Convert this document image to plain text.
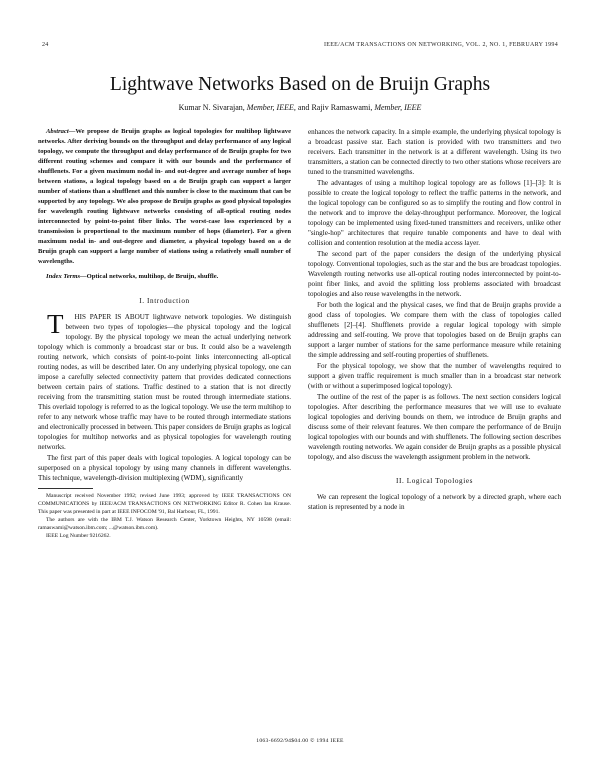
24	IEEE/ACM TRANSACTIONS ON NETWORKING, VOL. 2, NO. 1, FEBRUARY 1994
Lightwave Networks Based on de Bruijn Graphs
Kumar N. Sivarajan, Member, IEEE, and Rajiv Ramaswami, Member, IEEE

Abstract—We propose de Bruijn graphs as logical topologies for multihop lightwave networks. After deriving bounds on the throughput and delay performance of any logical topology, we compute the throughput and delay performance of de Bruijn graphs for two different routing schemes and compare it with our bounds and the performance of shufflenets. For a given maximum nodal in- and out-degree and average number of hops between stations, a logical topology based on a de Bruijn graph can support a larger number of stations than a shufflenet and this number is close to the maximum that can be supported by any topology. We also propose de Bruijn graphs as good physical topologies for wavelength routing lightwave networks consisting of all-optical routing nodes interconnected by point-to-point fiber links. The worst-case loss experienced by a transmission is proportional to the maximum number of hops (diameter). For a given maximum nodal in- and out-degree and diameter, a physical topology based on a de Bruijn graph can support a large number of stations using a relatively small number of wavelengths.

Index Terms—Optical networks, multihop, de Bruijn, shuffle.

I. Introduction

T HIS PAPER IS ABOUT lightwave network topologies. We distinguish between two types of topologies—the physical topology and the logical topology. By the physical topology we mean the actual underlying network topology which is commonly a broadcast star or bus. It could also be a wavelength routing network, which consists of point-to-point links interconnecting all-optical routing nodes, as will be described later. On any underlying physical topology, one can impose a carefully selected connectivity pattern that provides dedicated connections between certain pairs of stations. Traffic destined to a station that is not directly receiving from the transmitting station must be routed through intermediate stations. This overlaid topology is referred to as the logical topology. We use the term multihop to refer to any network whose traffic may have to be routed through intermediate stations and electronically processed in between. This paper considers de Bruijn graphs as logical topologies for multihop networks and as physical topologies for wavelength routing networks.

The first part of this paper deals with logical topologies. A logical topology can be superposed on a physical topology by using many channels in different wavelengths. This technique, wavelength-division multiplexing (WDM), significantly

Manuscript received November 1992; revised June 1993; approved by IEEE TRANSACTIONS ON COMMUNICATIONS by IEEE/ACM TRANSACTIONS ON NETWORKING Editor R. Cohen Ian Krause. This paper was presented in part at IEEE INFOCOM '91, Bal Harbour, FL, 1991.

The authors are with the IBM T.J. Watson Research Center, Yorktown Heights, NY 10598 (email: ramaswami@watson.ibm.com; ...@watson.ibm.com).

IEEE Log Number 9216262.

enhances the network capacity. In a simple example, the underlying physical topology is a broadcast passive star. Each station is provided with two transmitters and two receivers. Each transmitter in the network is at a different wavelength. Using its two transmitters, a station can be connected directly to two other stations whose receivers are tuned to the transmitted wavelengths.

The advantages of using a multihop logical topology are as follows [1]–[3]: It is possible to create the logical topology to reflect the traffic patterns in the network, and the logical topology can be configured so as to simplify the routing and flow control in the network and to improve the delay-throughput performance. Moreover, the logical topology can be implemented using fixed-tuned transmitters and receivers, unlike other "single-hop" architectures that require tunable components and have to deal with collision and contention resolution at the media access layer.

The second part of the paper considers the design of the underlying physical topology. Conventional topologies, such as the star and the bus are broadcast topologies. Wavelength routing networks use all-optical routing nodes interconnected by point-to-point fiber links, and avoid the splitting loss problems associated with broadcast topologies and also reuse wavelengths in the network.

For both the logical and the physical cases, we find that de Bruijn graphs provide a good class of topologies. We compare them with the class of topologies called shufflenets [2]–[4]. Shufflenets provide a regular logical topology with simple addressing and self-routing. We prove that topologies based on de Bruijn graphs can support a larger number of stations for the same performance measure while retaining the simple addressing and self-routing properties of shufflenets.

For the physical topology, we show that the number of wavelengths required to support a given traffic requirement is much smaller than in a broadcast star network (with or without a superimposed logical topology).

The outline of the rest of the paper is as follows. The next section considers logical topologies. After describing the performance measures that we will use to evaluate logical topologies and deriving bounds on them, we introduce de Bruijn graphs and discuss some of their relevant features. We then compare the performance of de Bruijn logical topologies with our bounds and with shufflenets. The following section describes wavelength routing networks. We again consider de Bruijn graphs as a possible physical topology, and also discuss the wavelength assignment problem in the network.

II. Logical Topologies

We can represent the logical topology of a network by a directed graph, where each station is represented by a node in

1063-6692/94$04.00 © 1994 IEEE
